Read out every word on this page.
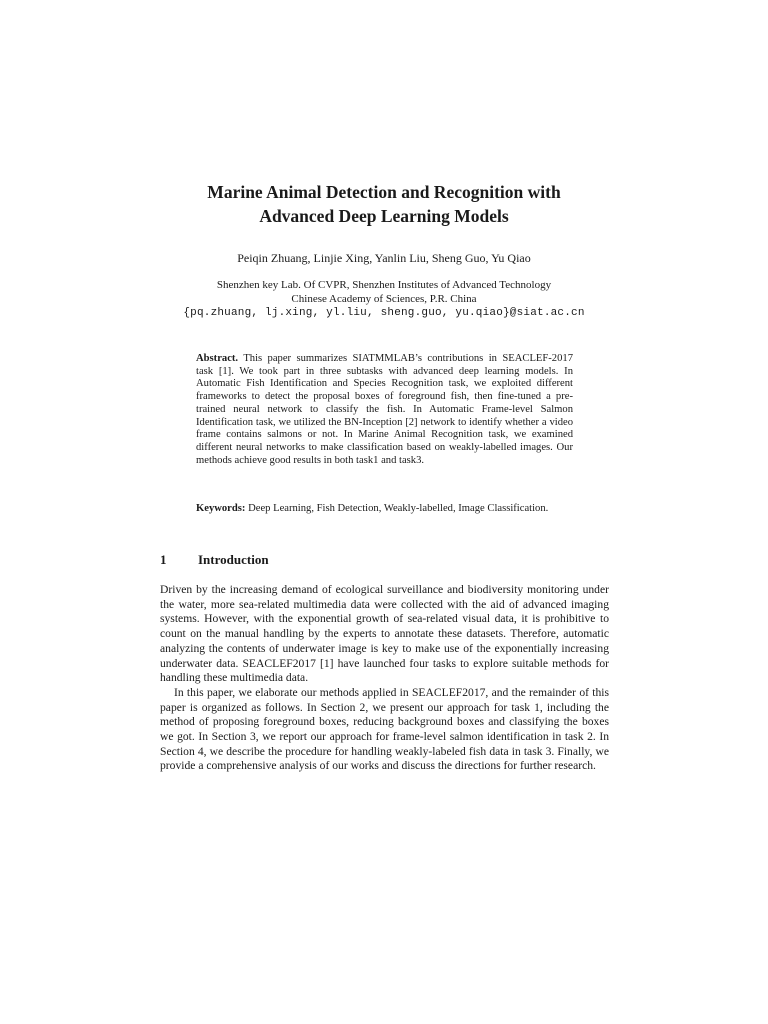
Marine Animal Detection and Recognition with
Advanced Deep Learning Models
Peiqin Zhuang, Linjie Xing, Yanlin Liu, Sheng Guo, Yu Qiao
Shenzhen key Lab. Of CVPR, Shenzhen Institutes of Advanced Technology
Chinese Academy of Sciences, P.R. China
{pq.zhuang, lj.xing, yl.liu, sheng.guo, yu.qiao}@siat.ac.cn
Abstract. This paper summarizes SIATMMLAB’s contributions in SEACLEF-2017 task [1]. We took part in three subtasks with advanced deep learning models. In Automatic Fish Identification and Species Recognition task, we exploited different frameworks to detect the proposal boxes of foreground fish, then fine-tuned a pre-trained neural network to classify the fish. In Automatic Frame-level Salmon Identification task, we utilized the BN-Inception [2] network to identify whether a video frame contains salmons or not. In Marine Animal Recognition task, we examined different neural networks to make classification based on weakly-labelled images. Our methods achieve good results in both task1 and task3.
Keywords: Deep Learning, Fish Detection, Weakly-labelled, Image Classification.
1 Introduction

Driven by the increasing demand of ecological surveillance and biodiversity monitoring under the water, more sea-related multimedia data were collected with the aid of advanced imaging systems. However, with the exponential growth of sea-related visual data, it is prohibitive to count on the manual handling by the experts to annotate these datasets. Therefore, automatic analyzing the contents of underwater image is key to make use of the exponentially increasing underwater data. SEACLEF2017 [1] have launched four tasks to explore suitable methods for handling these multimedia data.

In this paper, we elaborate our methods applied in SEACLEF2017, and the remainder of this paper is organized as follows. In Section 2, we present our approach for task 1, including the method of proposing foreground boxes, reducing background boxes and classifying the boxes we got. In Section 3, we report our approach for frame-level salmon identification in task 2. In Section 4, we describe the procedure for handling weakly-labeled fish data in task 3. Finally, we provide a comprehensive analysis of our works and discuss the directions for further research.
